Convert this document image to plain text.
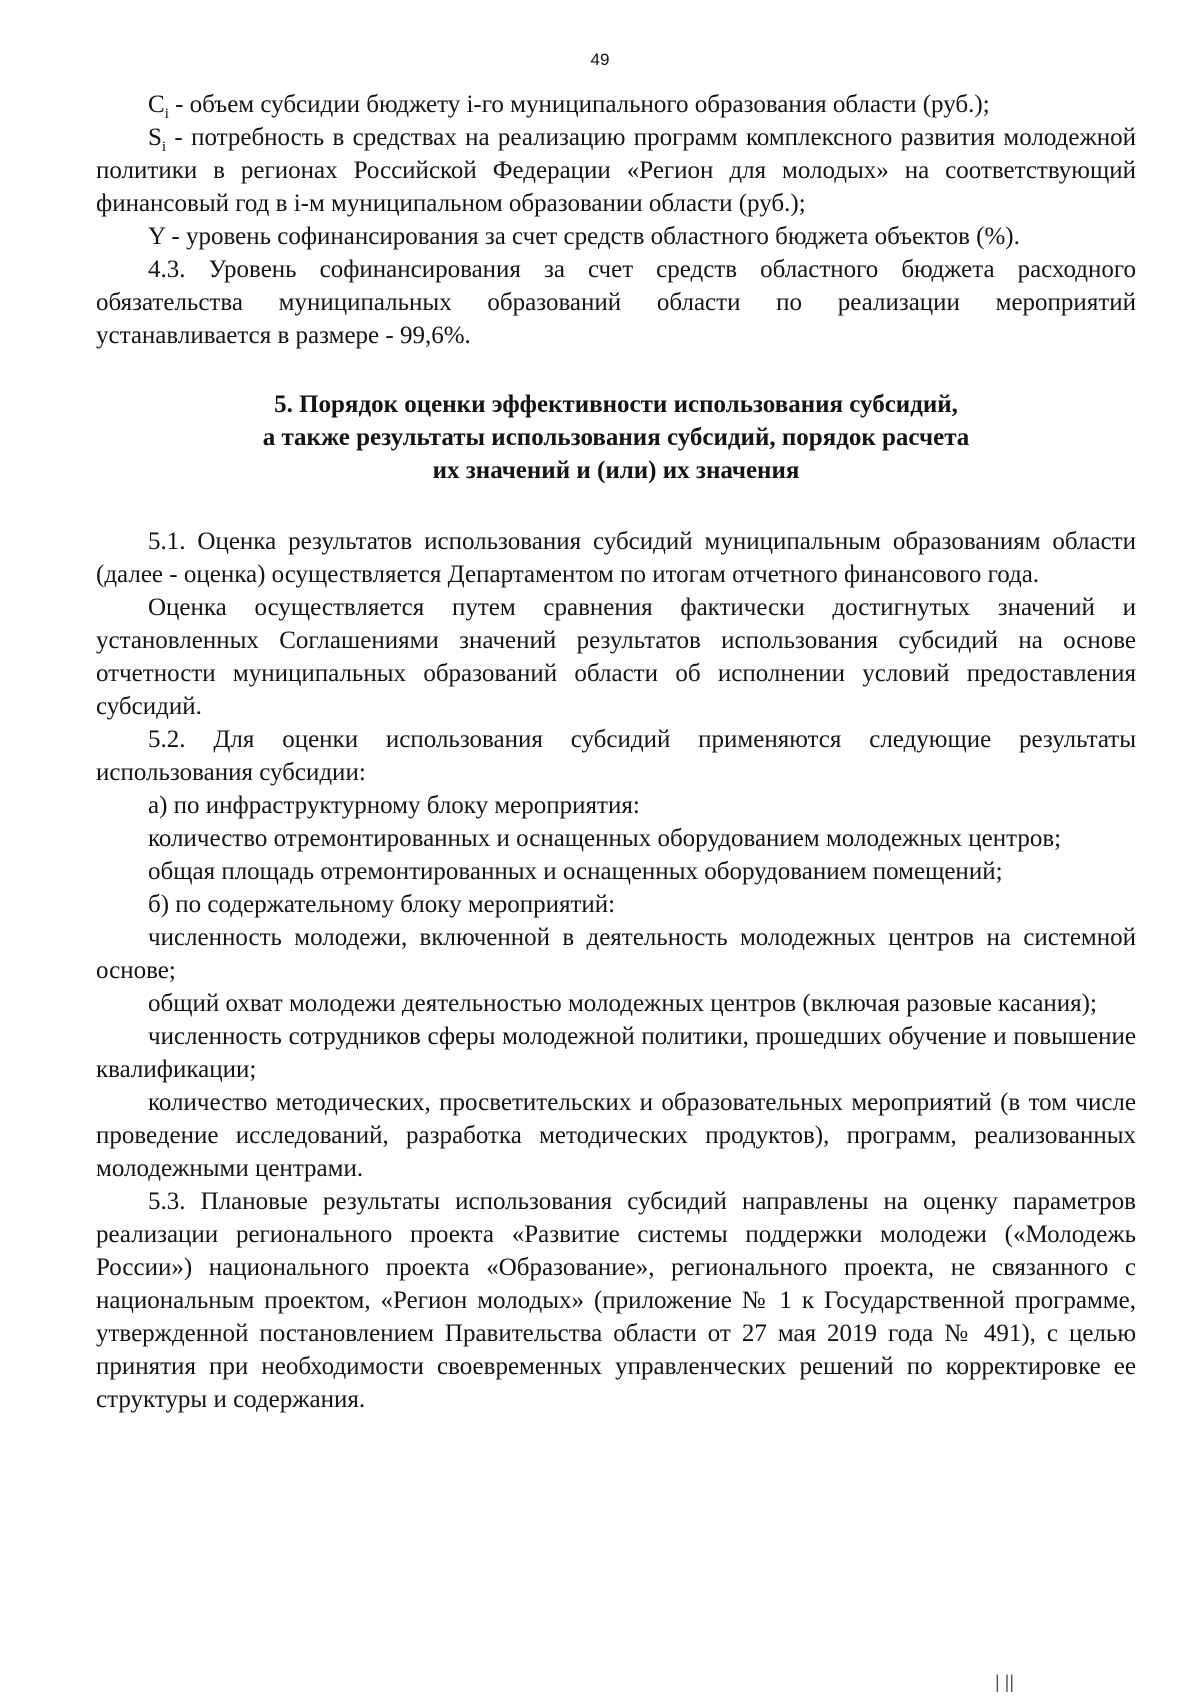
49

$C_i$ - объем субсидии бюджету i-го муниципального образования области (руб.);

$S_i$ - потребность в средствах на реализацию программ комплексного развития молодежной политики в регионах Российской Федерации «Регион для молодых» на соответствующий финансовый год в i-м муниципальном образовании области (руб.);

Y - уровень софинансирования за счет средств областного бюджета объектов (%).

4.3. Уровень софинансирования за счет средств областного бюджета расходного обязательства муниципальных образований области по реализации мероприятий устанавливается в размере - 99,6%.

5. Порядок оценки эффективности использования субсидий,
а также результаты использования субсидий, порядок расчета
их значений и (или) их значения

5.1. Оценка результатов использования субсидий муниципальным образованиям области (далее - оценка) осуществляется Департаментом по итогам отчетного финансового года.

Оценка осуществляется путем сравнения фактически достигнутых значений и установленных Соглашениями значений результатов использования субсидий на основе отчетности муниципальных образований области об исполнении условий предоставления субсидий.

5.2. Для оценки использования субсидий применяются следующие результаты использования субсидии:

а) по инфраструктурному блоку мероприятия:

количество отремонтированных и оснащенных оборудованием молодежных центров;

общая площадь отремонтированных и оснащенных оборудованием помещений;

б) по содержательному блоку мероприятий:

численность молодежи, включенной в деятельность молодежных центров на системной основе;

общий охват молодежи деятельностью молодежных центров (включая разовые касания);

численность сотрудников сферы молодежной политики, прошедших обучение и повышение квалификации;

количество методических, просветительских и образовательных мероприятий (в том числе проведение исследований, разработка методических продуктов), программ, реализованных молодежными центрами.

5.3. Плановые результаты использования субсидий направлены на оценку параметров реализации регионального проекта «Развитие системы поддержки молодежи («Молодежь России») национального проекта «Образование», регионального проекта, не связанного с национальным проектом, «Регион молодых» (приложение № 1 к Государственной программе, утвержденной постановлением Правительства области от 27 мая 2019 года № 491), с целью принятия при необходимости своевременных управленческих решений по корректировке ее структуры и содержания.

| ||
